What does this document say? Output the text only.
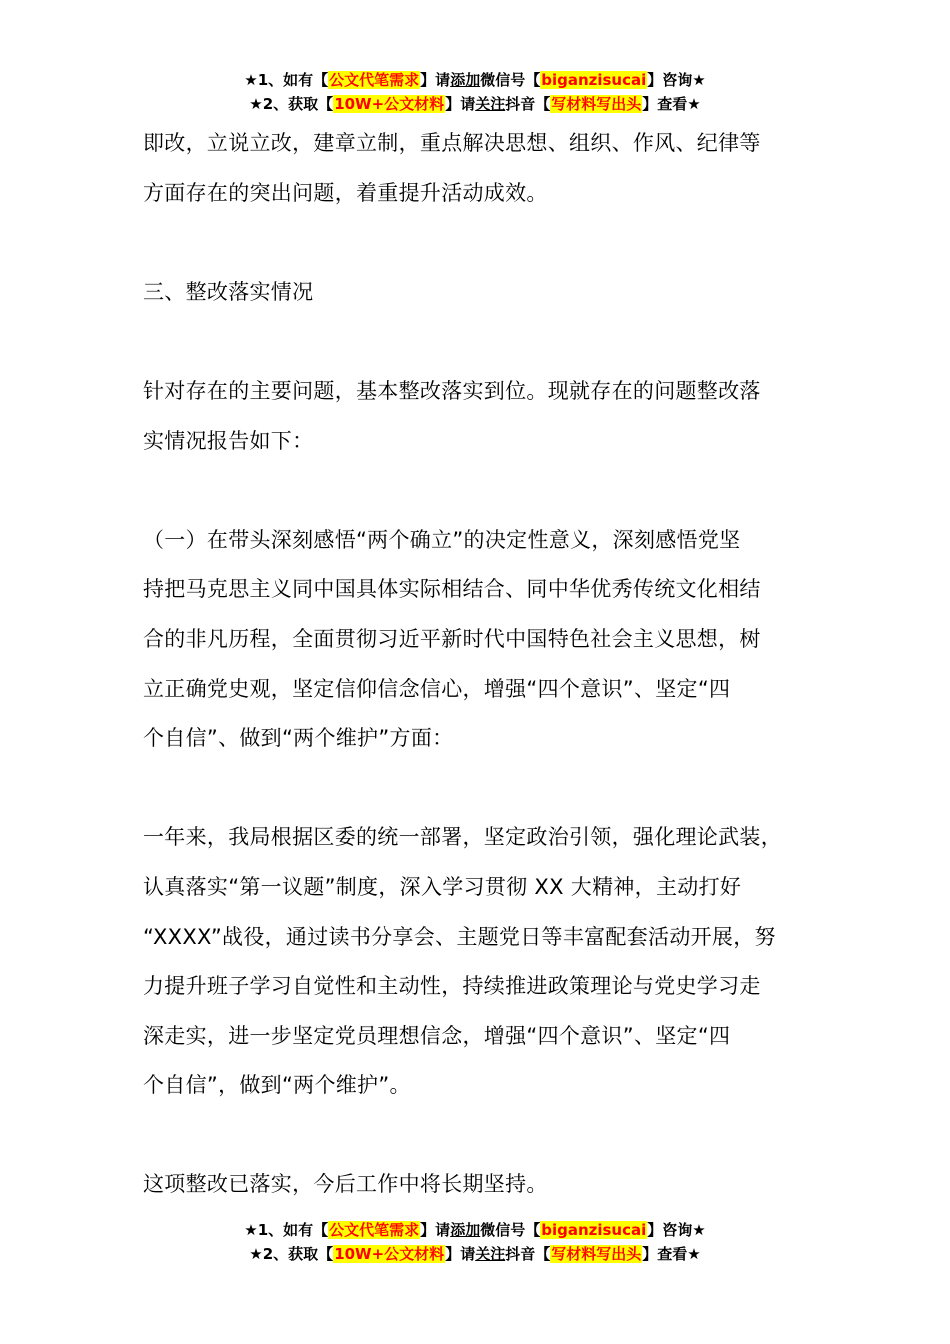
★1、如有【公文代笔需求】请添加微信号【biganzisucai】咨询★
★2、获取【10W+公文材料】请关注抖音【写材料写出头】查看★

即改，立说立改，建章立制，重点解决思想、组织、作风、纪律等

方面存在的突出问题，着重提升活动成效。

三、整改落实情况

针对存在的主要问题，基本整改落实到位。现就存在的问题整改落

实情况报告如下：

（一）在带头深刻感悟“两个确立”的决定性意义，深刻感悟党坚

持把马克思主义同中国具体实际相结合、同中华优秀传统文化相结

合的非凡历程，全面贯彻习近平新时代中国特色社会主义思想，树

立正确党史观，坚定信仰信念信心，增强“四个意识”、坚定“四

个自信”、做到“两个维护”方面：

一年来，我局根据区委的统一部署，坚定政治引领，强化理论武装，

认真落实“第一议题”制度，深入学习贯彻 XX 大精神，主动打好

“XXXX”战役，通过读书分享会、主题党日等丰富配套活动开展，努

力提升班子学习自觉性和主动性，持续推进政策理论与党史学习走

深走实，进一步坚定党员理想信念，增强“四个意识”、坚定“四

个自信”，做到“两个维护”。

这项整改已落实，今后工作中将长期坚持。

★1、如有【公文代笔需求】请添加微信号【biganzisucai】咨询★
★2、获取【10W+公文材料】请关注抖音【写材料写出头】查看★
